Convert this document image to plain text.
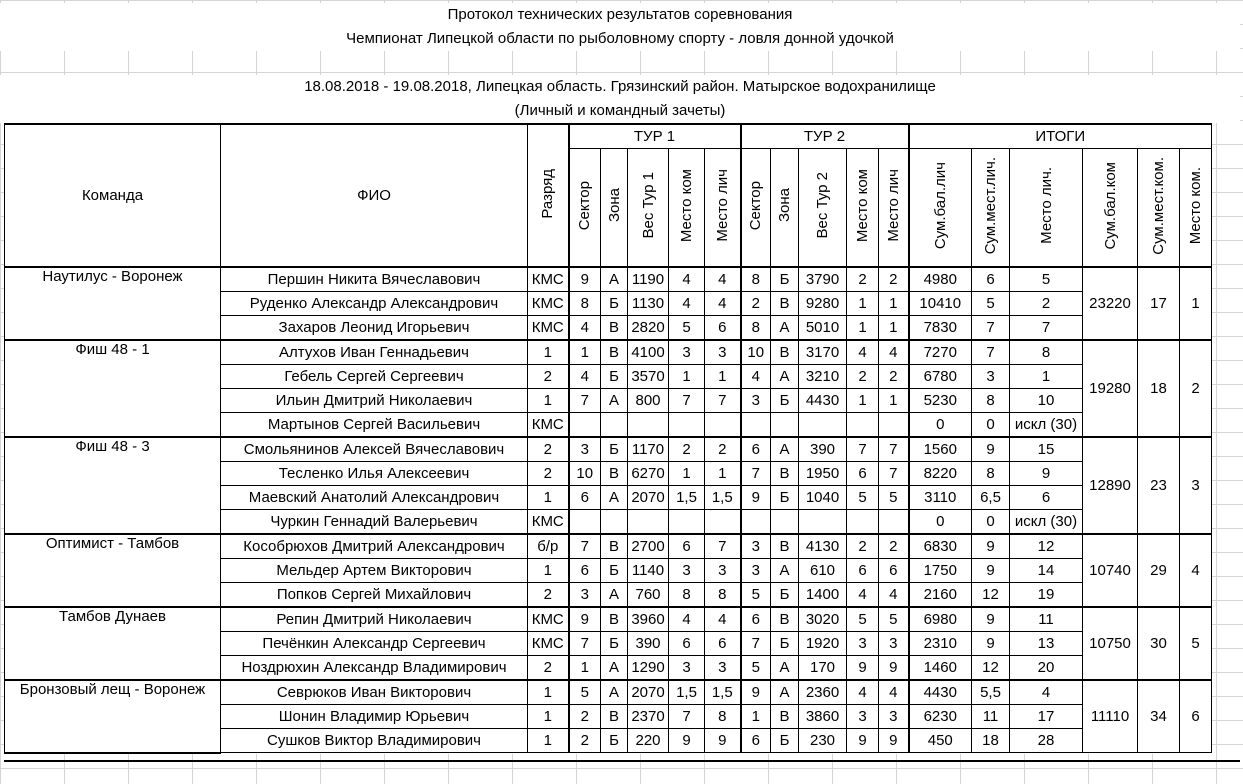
Протокол технических результатов соревнования
Чемпионат Липецкой области по рыболовному спорту - ловля донной удочкой
18.08.2018 - 19.08.2018, Липецкая область. Грязинский район. Матырское водохранилище
(Личный и командный зачеты)
Команда	ФИО	Разряд	ТУР 1					ТУР 2					ИТОГИ					
			Сектор	Зона	Вес Тур 1	Место ком	Место лич	Сектор	Зона	Вес Тур 2	Место ком	Место лич	Сум.бал.лич	Сум.мест.лич.	Место лич.	Сум.бал.ком	Сум.мест.ком.	Место ком.
Наутилус - Воронеж	Першин Никита Вячеславович	КМС	9	А	1190	4	4	8	Б	3790	2	2	4980	6	5	23220	17	1
	Руденко Александр Александрович	КМС	8	Б	1130	4	4	2	В	9280	1	1	10410	5	2			
	Захаров Леонид Игорьевич	КМС	4	В	2820	5	6	8	А	5010	1	1	7830	7	7			
Фиш 48 - 1	Алтухов Иван Геннадьевич	1	1	В	4100	3	3	10	В	3170	4	4	7270	7	8	19280	18	2
	Гебель Сергей Сергеевич	2	4	Б	3570	1	1	4	А	3210	2	2	6780	3	1			
	Ильин Дмитрий Николаевич	1	7	А	800	7	7	3	Б	4430	1	1	5230	8	10			
	Мартынов Сергей Васильевич	КМС											0	0	искл (30)			
Фиш 48 - 3	Смольянинов Алексей Вячеславович	2	3	Б	1170	2	2	6	А	390	7	7	1560	9	15	12890	23	3
	Тесленко Илья Алексеевич	2	10	В	6270	1	1	7	В	1950	6	7	8220	8	9			
	Маевский Анатолий Александрович	1	6	А	2070	1,5	1,5	9	Б	1040	5	5	3110	6,5	6			
	Чуркин Геннадий Валерьевич	КМС											0	0	искл (30)			
Оптимист - Тамбов	Кособрюхов Дмитрий Александрович	б/р	7	В	2700	6	7	3	В	4130	2	2	6830	9	12	10740	29	4
	Мельдер Артем Викторович	1	6	Б	1140	3	3	3	А	610	6	6	1750	9	14			
	Попков Сергей Михайлович	2	3	А	760	8	8	5	Б	1400	4	4	2160	12	19			
Тамбов Дунаев	Репин Дмитрий Николаевич	КМС	9	В	3960	4	4	6	В	3020	5	5	6980	9	11	10750	30	5
	Печёнкин Александр Сергеевич	КМС	7	Б	390	6	6	7	Б	1920	3	3	2310	9	13			
	Ноздрюхин Александр Владимирович	2	1	А	1290	3	3	5	А	170	9	9	1460	12	20			
Бронзовый лещ - Воронеж	Севрюков Иван Викторович	1	5	А	2070	1,5	1,5	9	А	2360	4	4	4430	5,5	4	11110	34	6
	Шонин Владимир Юрьевич	1	2	В	2370	7	8	1	В	3860	3	3	6230	11	17			
	Сушков Виктор Владимирович	1	2	Б	220	9	9	6	Б	230	9	9	450	18	28			
